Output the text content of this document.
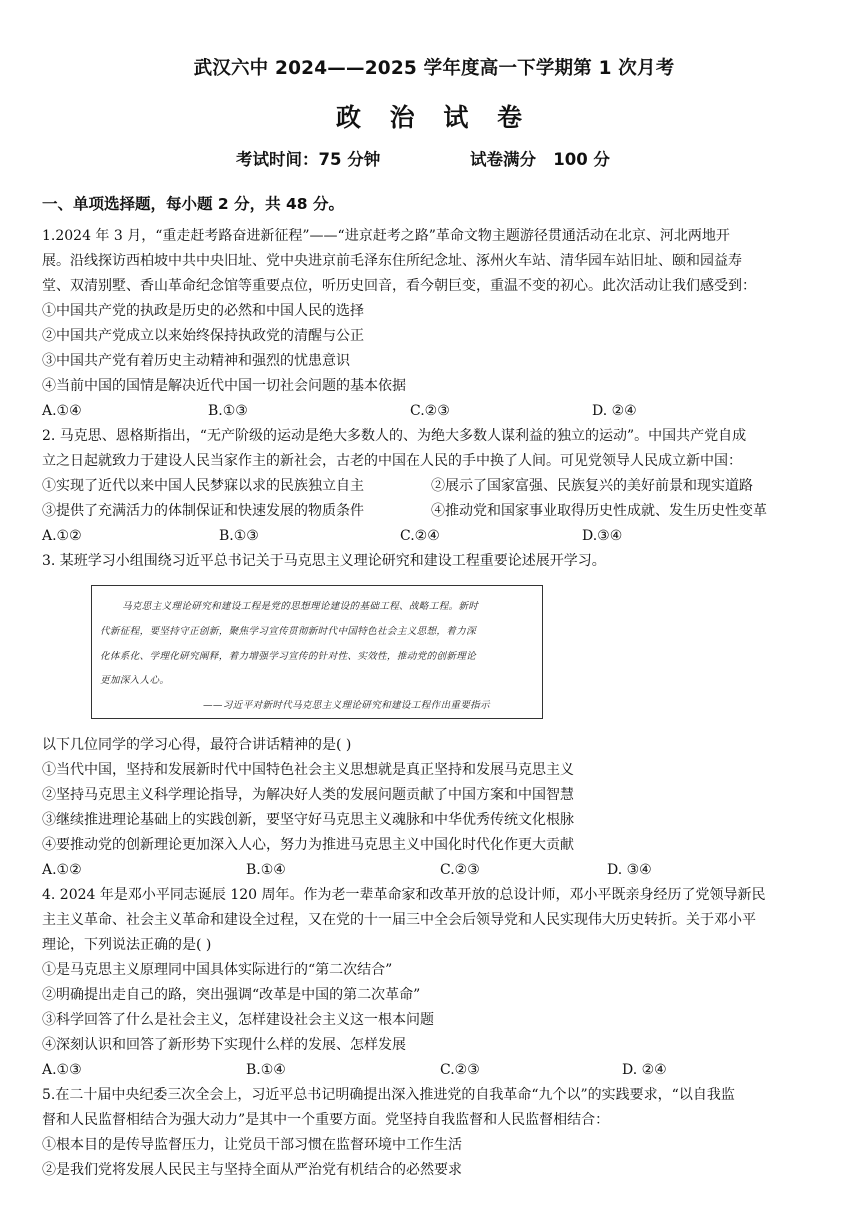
武汉六中 2024——2025 学年度高一下学期第 1 次月考
政 治 试 卷
考试时间：75 分钟	试卷满分   100 分
一、单项选择题，每小题 2 分，共 48 分。
1.2024 年 3 月，“重走赶考路奋进新征程”——“进京赶考之路”革命文物主题游径贯通活动在北京、河北两地开
展。沿线探访西柏坡中共中央旧址、党中央进京前毛泽东住所纪念址、涿州火车站、清华园车站旧址、颐和园益寿
堂、双清别墅、香山革命纪念馆等重要点位，听历史回音，看今朝巨变，重温不变的初心。此次活动让我们感受到：
①中国共产党的执政是历史的必然和中国人民的选择
②中国共产党成立以来始终保持执政党的清醒与公正
③中国共产党有着历史主动精神和强烈的忧患意识
④当前中国的国情是解决近代中国一切社会问题的基本依据
A.①④	B.①③	C.②③	D. ②④
2. 马克思、恩格斯指出，“无产阶级的运动是绝大多数人的、为绝大多数人谋利益的独立的运动”。中国共产党自成
立之日起就致力于建设人民当家作主的新社会，古老的中国在人民的手中换了人间。可见党领导人民成立新中国：
①实现了近代以来中国人民梦寐以求的民族独立自主	②展示了国家富强、民族复兴的美好前景和现实道路
③提供了充满活力的体制保证和快速发展的物质条件	④推动党和国家事业取得历史性成就、发生历史性变革
A.①②	B.①③	C.②④	D.③④
3. 某班学习小组围绕习近平总书记关于马克思主义理论研究和建设工程重要论述展开学习。
马克思主义理论研究和建设工程是党的思想理论建设的基础工程、战略工程。新时
代新征程，要坚持守正创新，聚焦学习宣传贯彻新时代中国特色社会主义思想，着力深
化体系化、学理化研究阐释，着力增强学习宣传的针对性、实效性，推动党的创新理论
更加深入人心。
——习近平对新时代马克思主义理论研究和建设工程作出重要指示
以下几位同学的学习心得，最符合讲话精神的是( )
①当代中国，坚持和发展新时代中国特色社会主义思想就是真正坚持和发展马克思主义
②坚持马克思主义科学理论指导，为解决好人类的发展问题贡献了中国方案和中国智慧
③继续推进理论基础上的实践创新，要坚守好马克思主义魂脉和中华优秀传统文化根脉
④要推动党的创新理论更加深入人心，努力为推进马克思主义中国化时代化作更大贡献
A.①②	B.①④	C.②③	D. ③④
4. 2024 年是邓小平同志诞辰 120 周年。作为老一辈革命家和改革开放的总设计师，邓小平既亲身经历了党领导新民
主主义革命、社会主义革命和建设全过程，又在党的十一届三中全会后领导党和人民实现伟大历史转折。关于邓小平
理论，下列说法正确的是( )
①是马克思主义原理同中国具体实际进行的“第二次结合”
②明确提出走自己的路，突出强调“改革是中国的第二次革命”
③科学回答了什么是社会主义，怎样建设社会主义这一根本问题
④深刻认识和回答了新形势下实现什么样的发展、怎样发展
A.①③	B.①④	C.②③	D. ②④
5.在二十届中央纪委三次全会上，习近平总书记明确提出深入推进党的自我革命“九个以”的实践要求，“以自我监
督和人民监督相结合为强大动力”是其中一个重要方面。党坚持自我监督和人民监督相结合：
①根本目的是传导监督压力，让党员干部习惯在监督环境中工作生活
②是我们党将发展人民民主与坚持全面从严治党有机结合的必然要求
